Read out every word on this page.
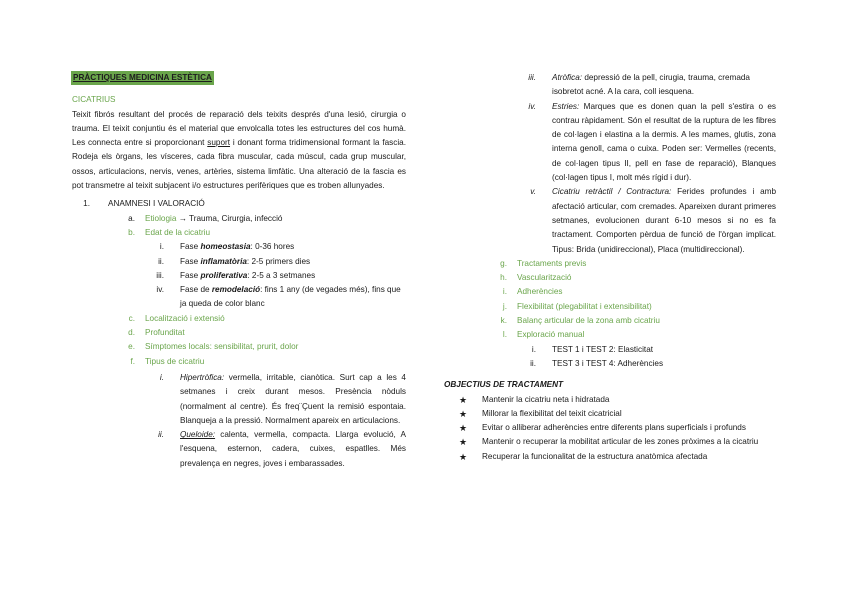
PRÀCTIQUES MEDICINA ESTÈTICA
CICATRIUS
Teixit fibrós resultant del procés de reparació dels teixits després d'una lesió, cirurgia o trauma. El teixit conjuntiu és el material que envolcalla totes les estructures del cos humà. Les connecta entre si proporcionant suport i donant forma tridimensional formant la fascia. Rodeja els òrgans, les vísceres, cada fibra muscular, cada múscul, cada grup muscular, ossos, articulacions, nervis, venes, artèries, sistema limfàtic. Una alteració de la fascia es pot transmetre al teixit subjacent i/o estructures perifèriques que es troben allunyades.
1. ANAMNESI I VALORACIÓ
a. Etiologia → Trauma, Cirurgia, infecció
b. Edat de la cicatriu
i. Fase homeostasia: 0-36 hores
ii. Fase inflamatòria: 2-5 primers dies
iii. Fase proliferativa: 2-5 a 3 setmanes
iv. Fase de remodelació: fins 1 any (de vegades més), fins que ja queda de color blanc
c. Localització i extensió
d. Profunditat
e. Símptomes locals: sensibilitat, prurit, dolor
f. Tipus de cicatriu
i. Hipertròfica: vermella, irritable, cianòtica. Surt cap a les 4 setmanes i creix durant mesos. Presència nòduls (normalment al centre). És freq¨Çuent la remisió espontaia. Blanqueja a la pressió. Normalment apareix en articulacions.
ii. Queloide: calenta, vermella, compacta. Llarga evolució, A l'esquena, esternon, cadera, cuixes, espatlles. Més prevalença en negres, joves i embarassades.
iii. Atròfica: depressió de la pell, cirugia, trauma, cremada isobretot acné. A la cara, coll iesquena.
iv. Estries: Marques que es donen quan la pell s'estira o es contrau ràpidament. Són el resultat de la ruptura de les fibres de col·lagen i elastina a la dermis. A les mames, glutis, zona interna genoll, cama o cuixa. Poden ser: Vermelles (recents, de col·lagen tipus II, pell en fase de reparació), Blanques (col·lagen tipus I, molt més rígid i dur).
v. Cicatriu retràctil / Contractura: Ferides profundes i amb afectació articular, com cremades. Apareixen durant primeres setmanes, evolucionen durant 6-10 mesos si no es fa tractament. Comporten pèrdua de funció de l'òrgan implicat. Tipus: Brida (unidireccional), Placa (multidireccional).
g. Tractaments previs
h. Vascularització
i. Adherències
j. Flexibilitat (plegabilitat i extensibilitat)
k. Balanç articular de la zona amb cicatriu
l. Exploració manual
i. TEST 1 i TEST 2: Elasticitat
ii. TEST 3 i TEST 4: Adherències
OBJECTIUS DE TRACTAMENT
★	Mantenir la cicatriu neta i hidratada
★	Millorar la flexibilitat del teixit cicatricial
★	Evitar o alliberar adherències entre diferents plans superficials i profunds
★	Mantenir o recuperar la mobilitat articular de les zones pròximes a la cicatriu
★	Recuperar la funcionalitat de la estructura anatòmica afectada
